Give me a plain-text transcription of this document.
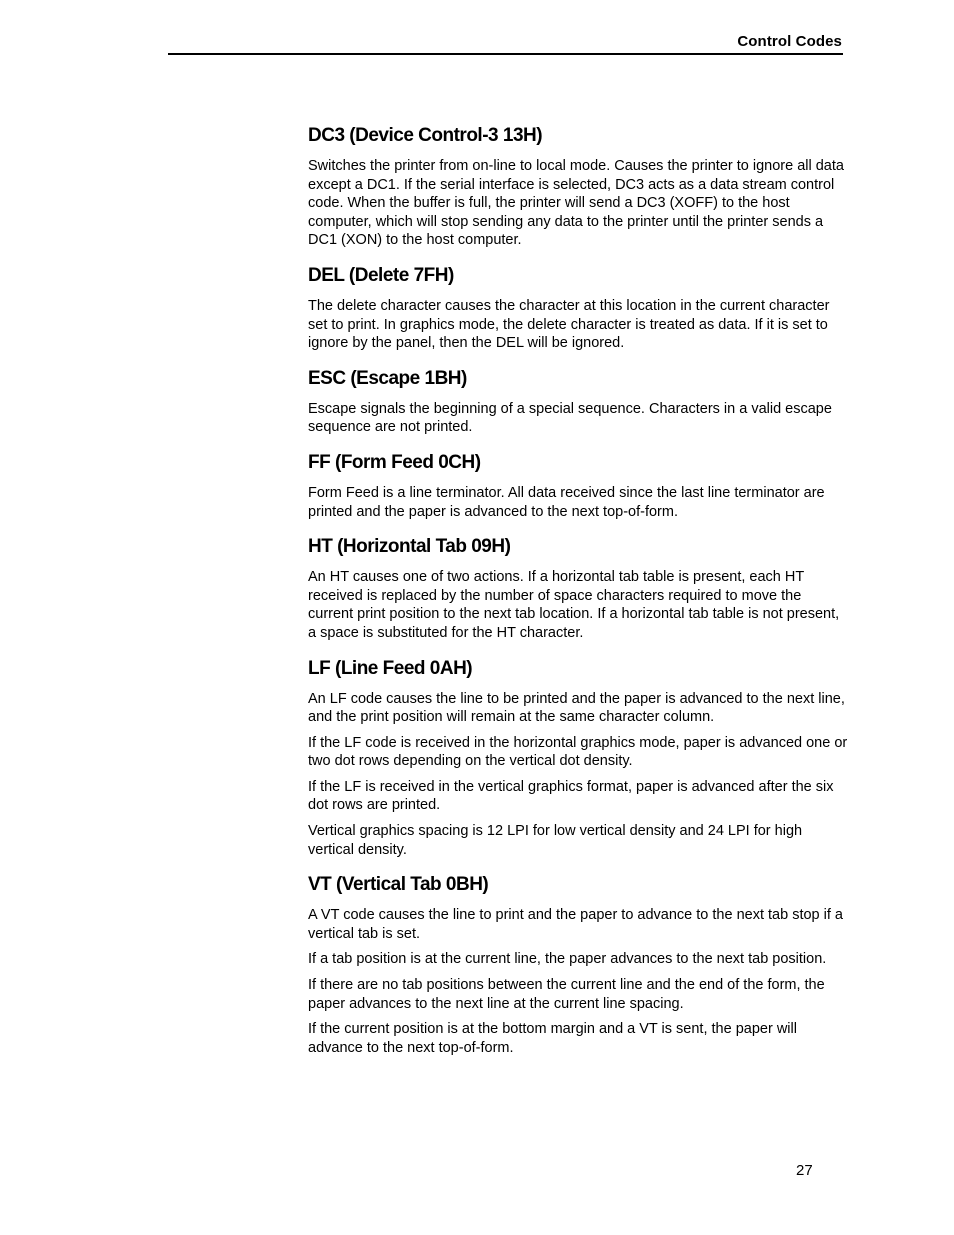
Control Codes
DC3 (Device Control-3 13H)

Switches the printer from on-line to local mode. Causes the printer to ignore all data except a DC1. If the serial interface is selected, DC3 acts as a data stream control code. When the buffer is full, the printer will send a DC3 (XOFF) to the host computer, which will stop sending any data to the printer until the printer sends a DC1 (XON) to the host computer.

DEL (Delete 7FH)

The delete character causes the character at this location in the current character set to print. In graphics mode, the delete character is treated as data. If it is set to ignore by the panel, then the DEL will be ignored.

ESC (Escape 1BH)

Escape signals the beginning of a special sequence. Characters in a valid escape sequence are not printed.

FF (Form Feed 0CH)

Form Feed is a line terminator. All data received since the last line terminator are printed and the paper is advanced to the next top-of-form.

HT (Horizontal Tab 09H)

An HT causes one of two actions. If a horizontal tab table is present, each HT received is replaced by the number of space characters required to move the current print position to the next tab location. If a horizontal tab table is not present, a space is substituted for the HT character.

LF (Line Feed 0AH)

An LF code causes the line to be printed and the paper is advanced to the next line, and the print position will remain at the same character column.

If the LF code is received in the horizontal graphics mode, paper is advanced one or two dot rows depending on the vertical dot density.

If the LF is received in the vertical graphics format, paper is advanced after the six dot rows are printed.

Vertical graphics spacing is 12 LPI for low vertical density and 24 LPI for high vertical density.

VT (Vertical Tab 0BH)

A VT code causes the line to print and the paper to advance to the next tab stop if a vertical tab is set.

If a tab position is at the current line, the paper advances to the next tab position.

If there are no tab positions between the current line and the end of the form, the paper advances to the next line at the current line spacing.

If the current position is at the bottom margin and a VT is sent, the paper will advance to the next top-of-form.

27
